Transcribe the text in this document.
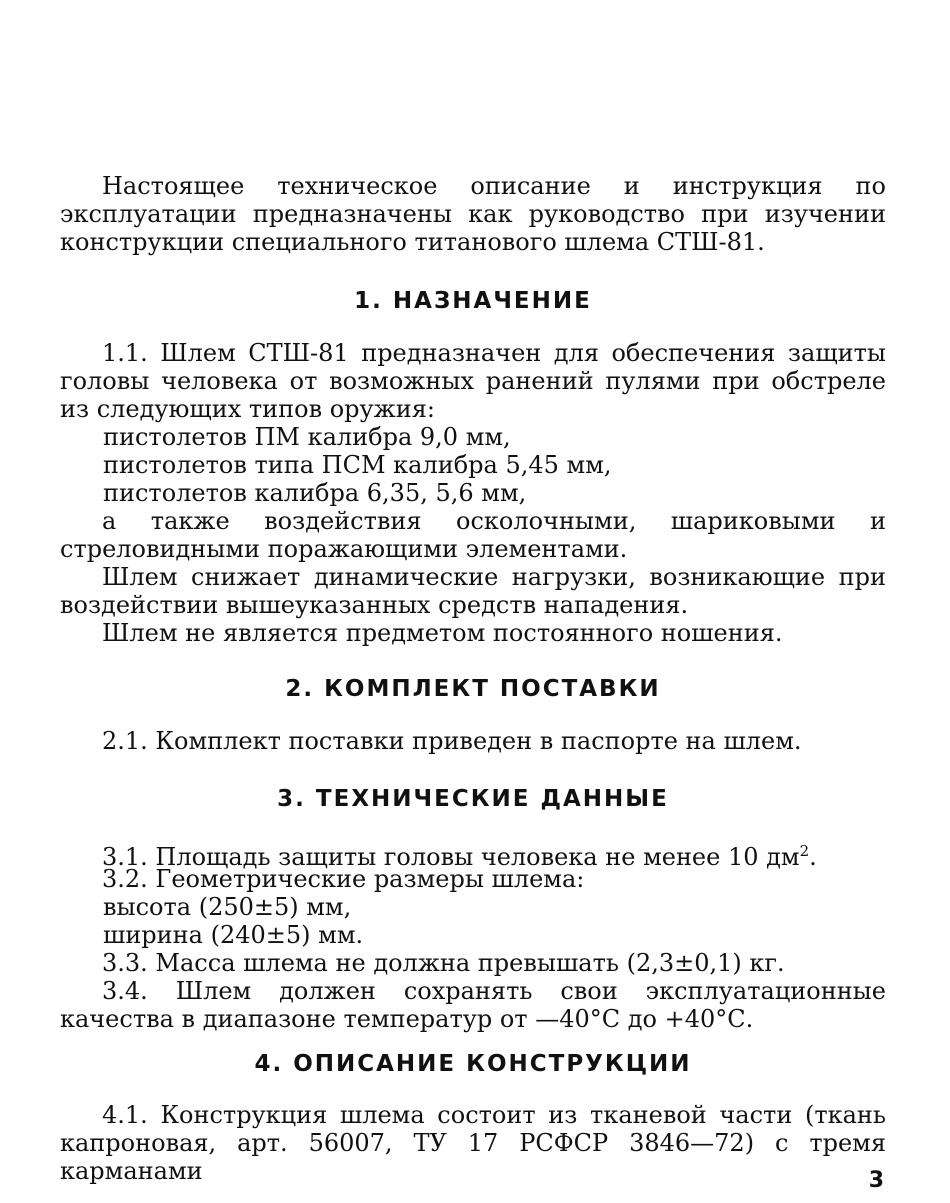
Настоящее техническое описание и инструкция по эксплуатации предназначены как руководство при изучении конструкции специального титанового шлема СТШ-81.

1. НАЗНАЧЕНИЕ

1.1. Шлем СТШ-81 предназначен для обеспечения защиты головы человека от возможных ранений пулями при обстреле из следующих типов оружия:

пистолетов ПМ калибра 9,0 мм,
пистолетов типа ПСМ калибра 5,45 мм,
пистолетов калибра 6,35, 5,6 мм,

а также воздействия осколочными, шариковыми и стреловидными поражающими элементами.

Шлем снижает динамические нагрузки, возникающие при воздействии вышеуказанных средств нападения.

Шлем не является предметом постоянного ношения.

2. КОМПЛЕКТ ПОСТАВКИ

2.1. Комплект поставки приведен в паспорте на шлем.

3. ТЕХНИЧЕСКИЕ ДАННЫЕ

3.1. Площадь защиты головы человека не менее 10 $дм^2$.

3.2. Геометрические размеры шлема:

высота (250±5) мм,
ширина (240±5) мм.

3.3. Масса шлема не должна превышать (2,3±0,1) кг.

3.4. Шлем должен сохранять свои эксплуатационные качества в диапазоне температур от —40°С до +40°С.

4. ОПИСАНИЕ КОНСТРУКЦИИ

4.1. Конструкция шлема состоит из тканевой части (ткань капроновая, арт. 56007, ТУ 17 РСФСР 3846—72) с тремя карманами	3
